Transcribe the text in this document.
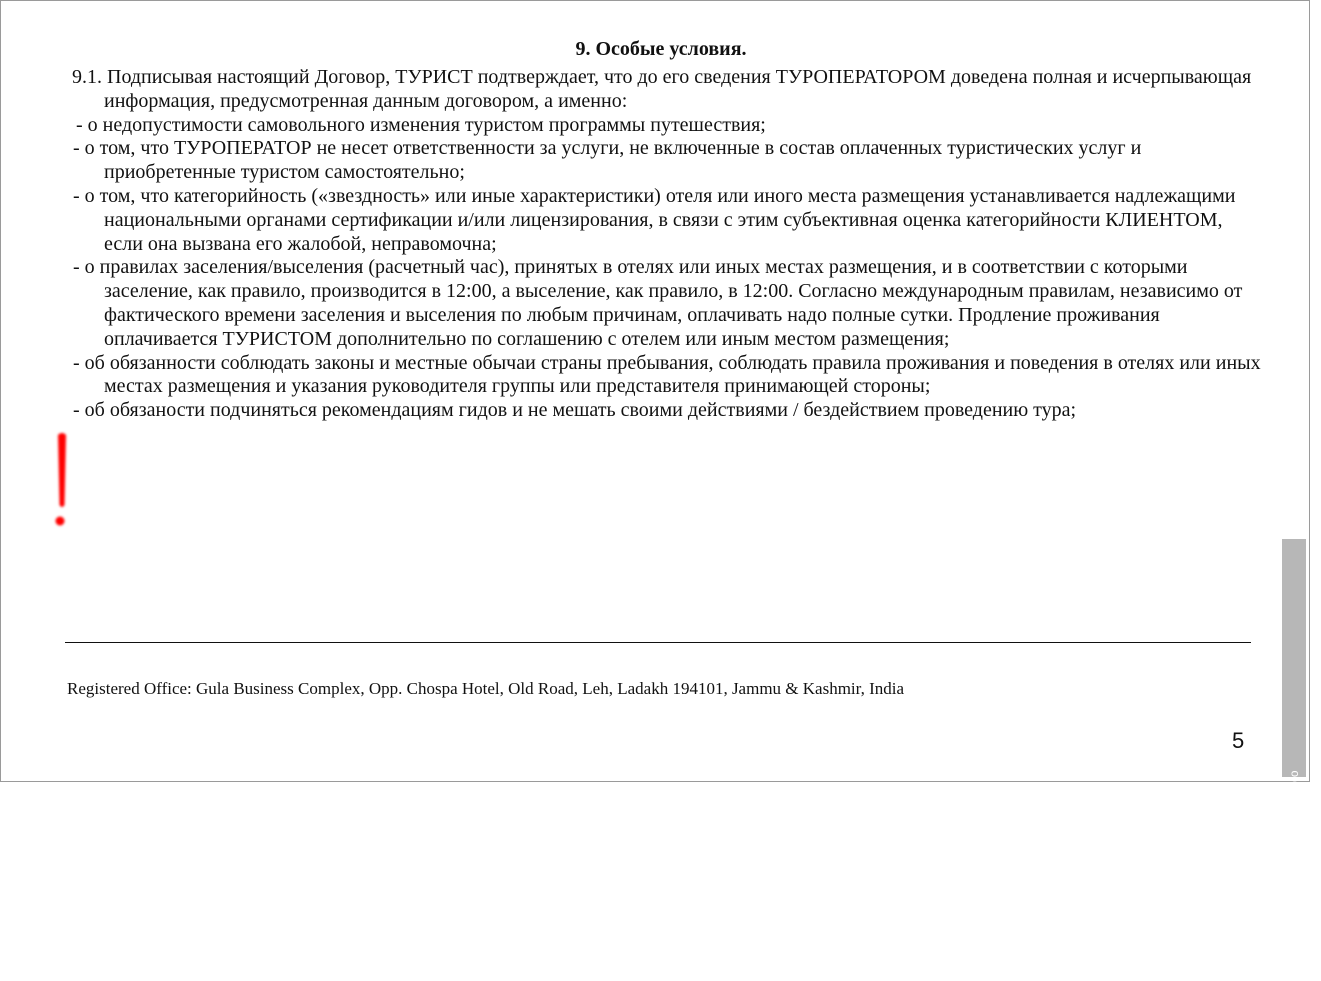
9. Особые условия.

9.1. Подписывая настоящий Договор, ТУРИСТ подтверждает, что до его сведения ТУРОПЕРАТОРОМ доведена полная и исчерпывающая информация, предусмотренная данным договором, а именно:

- о недопустимости самовольного изменения туристом программы путешествия;

- о том, что ТУРОПЕРАТОР не несет ответственности за услуги, не включенные в состав оплаченных туристических услуг и приобретенные туристом самостоятельно;

- о том, что категорийность («звездность» или иные характеристики) отеля или иного места размещения устанавливается надлежащими национальными органами сертификации и/или лицензирования, в связи с этим субъективная оценка категорийности КЛИЕНТОМ, если она вызвана его жалобой, неправомочна;

- о правилах заселения/выселения (расчетный час), принятых в отелях или иных местах размещения, и в соответствии с которыми заселение, как правило, производится в 12:00, а выселение, как правило, в 12:00. Согласно международным правилам, независимо от фактического времени заселения и выселения по любым причинам, оплачивать надо полные сутки. Продление проживания оплачивается ТУРИСТОМ дополнительно по соглашению с отелем или иным местом размещения;

- об обязанности соблюдать законы и местные обычаи страны пребывания, соблюдать правила проживания и поведения в отелях или иных местах размещения и указания руководителя группы или представителя принимающей стороны;

- об обязаности подчиняться рекомендациям гидов и не мешать своими действиями / бездействием проведению тура;

Registered Office: Gula Business Complex, Opp. Chospa Hotel, Old Road, Leh, Ladakh 194101, Jammu & Kashmir, India

5

© Проект «ФотоТур» phototour.pro
